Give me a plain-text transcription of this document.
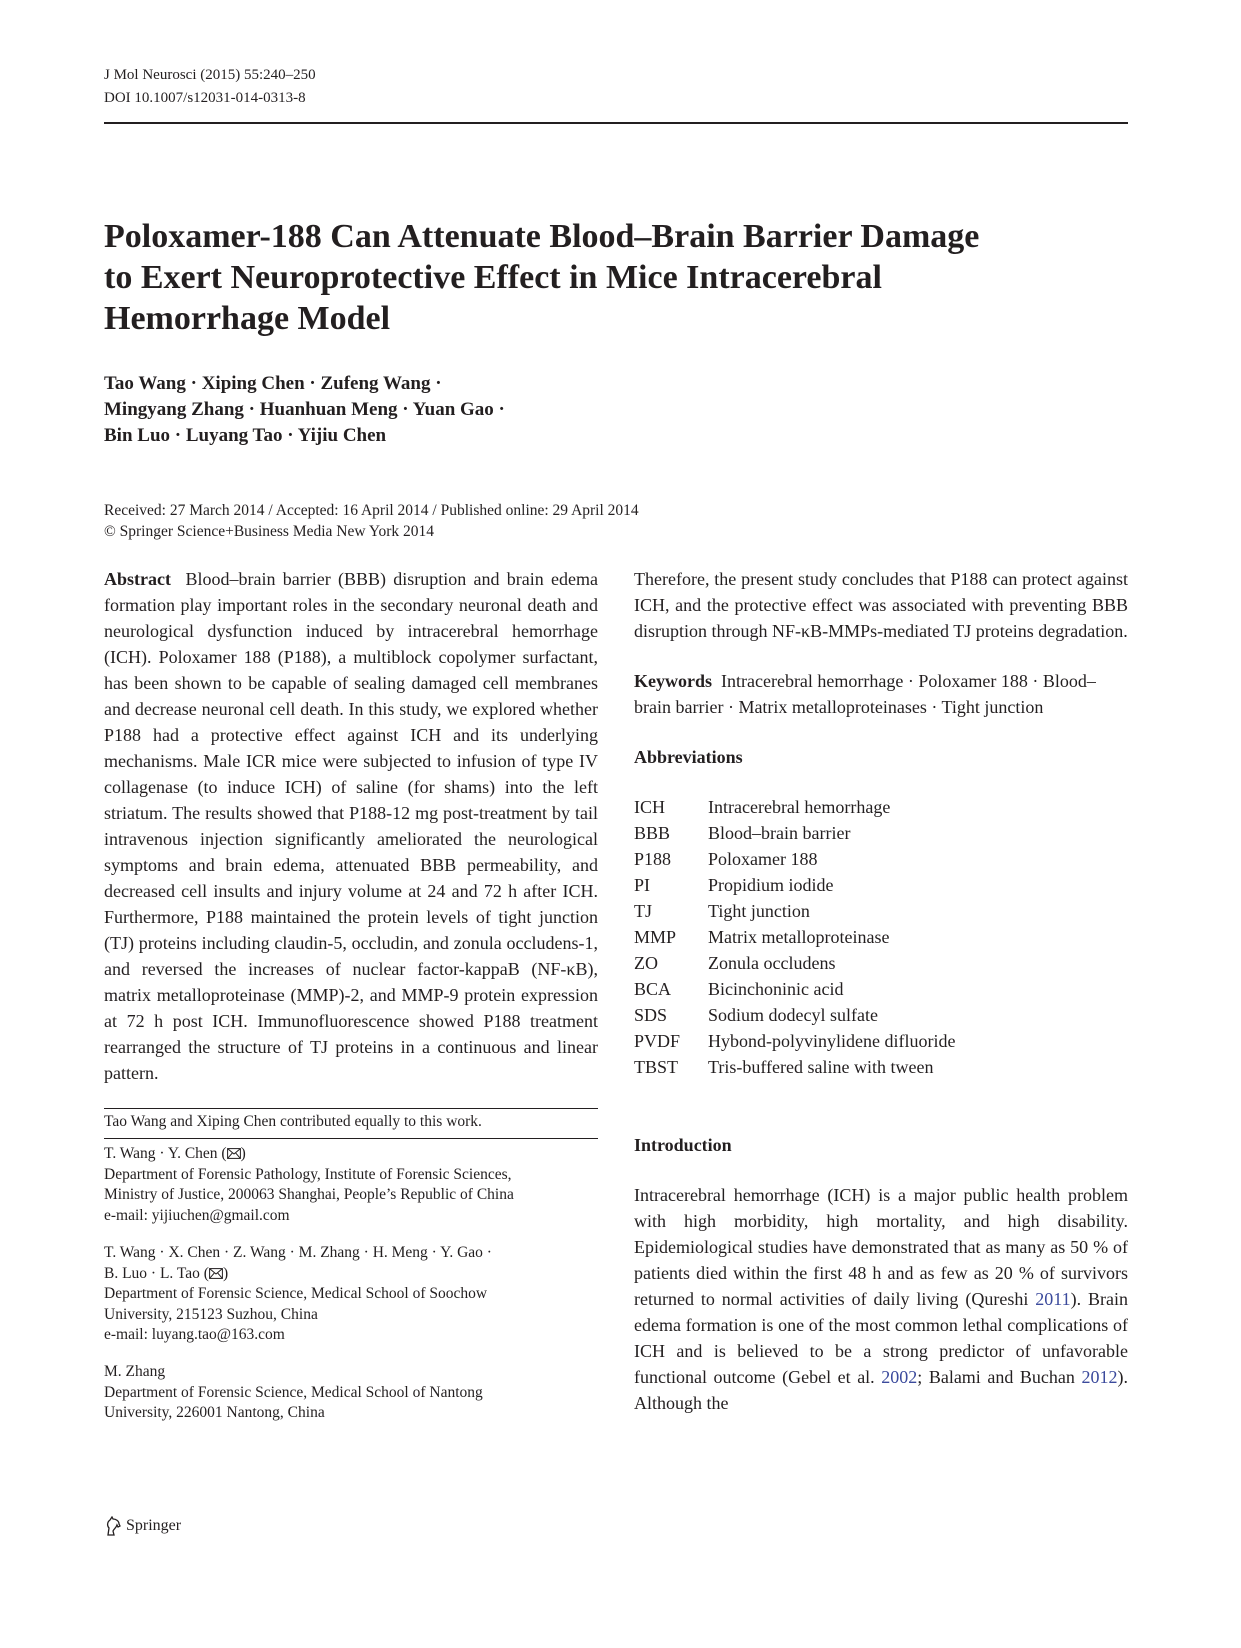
J Mol Neurosci (2015) 55:240–250
DOI 10.1007/s12031-014-0313-8
Poloxamer-188 Can Attenuate Blood–Brain Barrier Damage
to Exert Neuroprotective Effect in Mice Intracerebral
Hemorrhage Model
Tao Wang · Xiping Chen · Zufeng Wang ·
Mingyang Zhang · Huanhuan Meng · Yuan Gao ·
Bin Luo · Luyang Tao · Yijiu Chen
Received: 27 March 2014 / Accepted: 16 April 2014 / Published online: 29 April 2014
© Springer Science+Business Media New York 2014

Abstract Blood–brain barrier (BBB) disruption and brain edema formation play important roles in the secondary neuronal death and neurological dysfunction induced by intracerebral hemorrhage (ICH). Poloxamer 188 (P188), a multiblock copolymer surfactant, has been shown to be capable of sealing damaged cell membranes and decrease neuronal cell death. In this study, we explored whether P188 had a protective effect against ICH and its underlying mechanisms. Male ICR mice were subjected to infusion of type IV collagenase (to induce ICH) of saline (for shams) into the left striatum. The results showed that P188-12 mg post-treatment by tail intravenous injection significantly ameliorated the neurological symptoms and brain edema, attenuated BBB permeability, and decreased cell insults and injury volume at 24 and 72 h after ICH. Furthermore, P188 maintained the protein levels of tight junction (TJ) proteins including claudin-5, occludin, and zonula occludens-1, and reversed the increases of nuclear factor-kappaB (NF-κB), matrix metalloproteinase (MMP)-2, and MMP-9 protein expression at 72 h post ICH. Immunofluorescence showed P188 treatment rearranged the structure of TJ proteins in a continuous and linear pattern.

Tao Wang and Xiping Chen contributed equally to this work.
T. Wang · Y. Chen ( )
Department of Forensic Pathology, Institute of Forensic Sciences,
Ministry of Justice, 200063 Shanghai, People’s Republic of China
e-mail: yijiuchen@gmail.com
T. Wang · X. Chen · Z. Wang · M. Zhang · H. Meng · Y. Gao ·
B. Luo · L. Tao ( )
Department of Forensic Science, Medical School of Soochow
University, 215123 Suzhou, China
e-mail: luyang.tao@163.com
M. Zhang
Department of Forensic Science, Medical School of Nantong
University, 226001 Nantong, China

Therefore, the present study concludes that P188 can protect against ICH, and the protective effect was associated with preventing BBB disruption through NF-κB-MMPs-mediated TJ proteins degradation.

Keywords Intracerebral hemorrhage · Poloxamer 188 · Blood–brain barrier · Matrix metalloproteinases · Tight junction

Abbreviations
ICH	Intracerebral hemorrhage
BBB	Blood–brain barrier
P188	Poloxamer 188
PI	Propidium iodide
TJ	Tight junction
MMP	Matrix metalloproteinase
ZO	Zonula occludens
BCA	Bicinchoninic acid
SDS	Sodium dodecyl sulfate
PVDF	Hybond-polyvinylidene difluoride
TBST	Tris-buffered saline with tween
Introduction

Intracerebral hemorrhage (ICH) is a major public health problem with high morbidity, high mortality, and high disability. Epidemiological studies have demonstrated that as many as 50 % of patients died within the first 48 h and as few as 20 % of survivors returned to normal activities of daily living (Qureshi 2011). Brain edema formation is one of the most common lethal complications of ICH and is believed to be a strong predictor of unfavorable functional outcome (Gebel et al. 2002; Balami and Buchan 2012). Although the

Springer
